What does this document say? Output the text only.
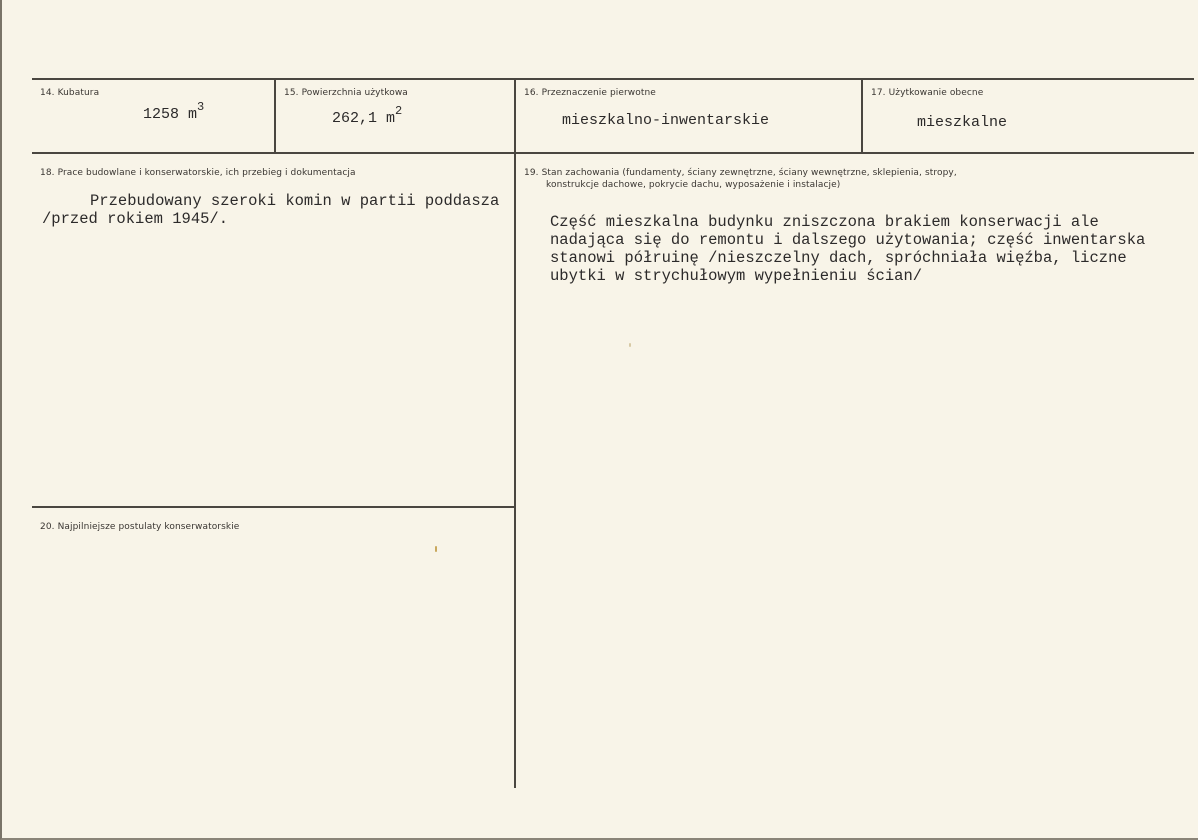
14. Kubatura
1258 $m^3$
15. Powierzchnia użytkowa
262,1 $m^2$
16. Przeznaczenie pierwotne
mieszkalno-inwentarskie
17. Użytkowanie obecne
mieszkalne
18. Prace budowlane i konserwatorskie, ich przebieg i dokumentacja
Przebudowany szeroki komin w partii poddasza
/przed rokiem 1945/.
19. Stan zachowania (fundamenty, ściany zewnętrzne, ściany wewnętrzne, sklepienia, stropy,
konstrukcje dachowe, pokrycie dachu, wyposażenie i instalacje)
Część mieszkalna budynku zniszczona brakiem konserwacji ale
nadająca się do remontu i dalszego użytowania; część inwentarska
stanowi półruinę /nieszczelny dach, spróchniała więźba, liczne
ubytki w strychułowym wypełnieniu ścian/
20. Najpilniejsze postulaty konserwatorskie
